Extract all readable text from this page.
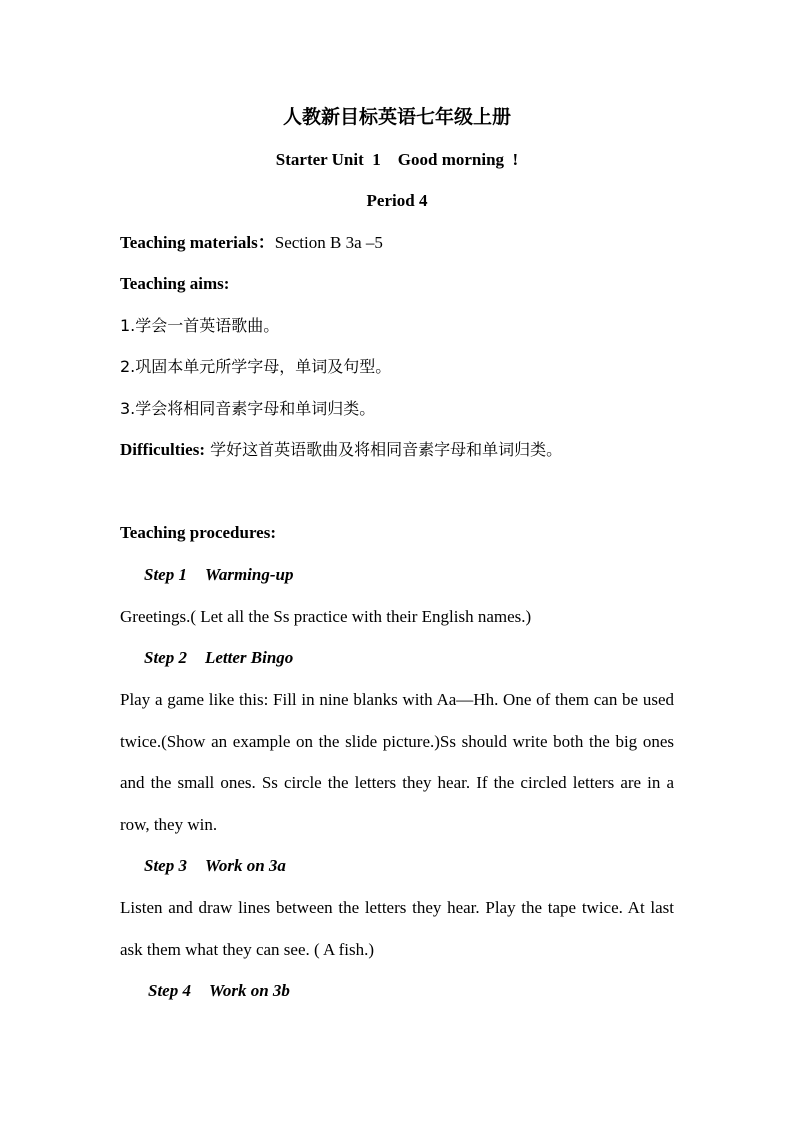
人教新目标英语七年级上册
Starter Unit  1    Good morning  !
Period 4
Teaching materials：Section B 3a –5
Teaching aims:
1.学会一首英语歌曲。
2.巩固本单元所学字母，单词及句型。
3.学会将相同音素字母和单词归类。
Difficulties: 学好这首英语歌曲及将相同音素字母和单词归类。
Teaching procedures:
Step 1 Warming-up
Greetings.( Let all the Ss practice with their English names.)
Step 2 Letter Bingo
Play a game like this: Fill in nine blanks with Aa—Hh. One of them can be used twice.(Show an example on the slide picture.)Ss should write both the big ones and the small ones. Ss circle the letters they hear. If the circled letters are in a row, they win.
Step 3 Work on 3a
Listen and draw lines between the letters they hear. Play the tape twice. At last ask them what they can see. ( A fish.)
Step 4 Work on 3b
